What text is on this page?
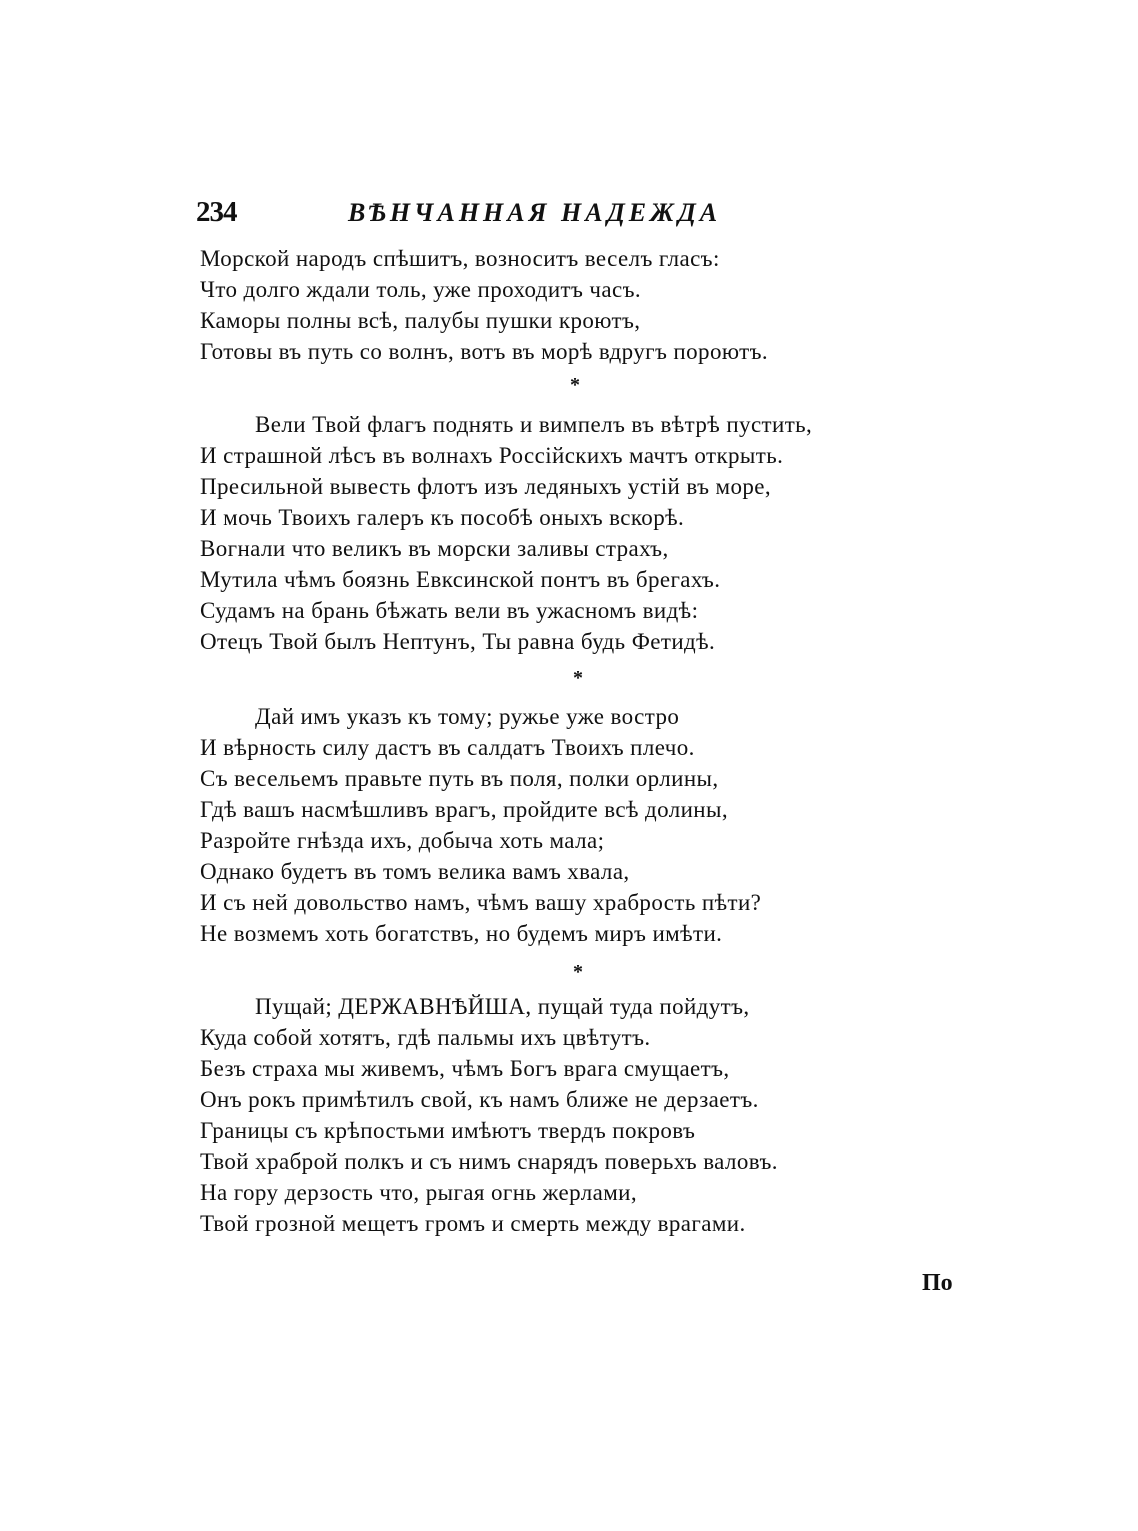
234	ВѢНЧАННАЯ НАДЕЖДА
Морской народъ спѣшитъ, возноситъ веселъ гласъ:
Что долго ждали толь, уже проходитъ часъ.
Каморы полны всѣ, палубы пушки кроютъ,
Готовы въ путь со волнъ, вотъ въ морѣ вдругъ пороютъ.
*
Вели Твой флагъ поднять и вимпелъ въ вѣтрѣ пустить,
И страшной лѣсъ въ волнахъ Россійскихъ мачтъ открыть.
Пресильной вывесть флотъ изъ ледяныхъ устій въ море,
И мочь Твоихъ галеръ къ пособѣ оныхъ вскорѣ.
Вогнали что великъ въ морски заливы страхъ,
Мутила чѣмъ боязнь Евксинской понтъ въ брегахъ.
Судамъ на брань бѣжать вели въ ужасномъ видѣ:
Отецъ Твой былъ Нептунъ, Ты равна будь Фетидѣ.
*
Дай имъ указъ къ тому; ружье уже востро
И вѣрность силу дастъ въ салдатъ Твоихъ плечо.
Съ весельемъ правьте путь въ поля, полки орлины,
Гдѣ вашъ насмѣшливъ врагъ, пройдите всѣ долины,
Разройте гнѣзда ихъ, добыча хоть мала;
Однако будетъ въ томъ велика вамъ хвала,
И съ ней довольство намъ, чѣмъ вашу храбрость пѣти?
Не возмемъ хоть богатствъ, но будемъ миръ имѣти.
*
Пущай; ДЕРЖАВНѢЙША, пущай туда пойдутъ,
Куда собой хотятъ, гдѣ пальмы ихъ цвѣтутъ.
Безъ страха мы живемъ, чѣмъ Богъ врага смущаетъ,
Онъ рокъ примѣтилъ свой, къ намъ ближе не дерзаетъ.
Границы съ крѣпостьми имѣютъ твердъ покровъ
Твой храброй полкъ и съ нимъ снарядъ поверьхъ валовъ.
На гору дерзость что, рыгая огнь жерлами,
Твой грозной мещетъ громъ и смерть между врагами.
По
